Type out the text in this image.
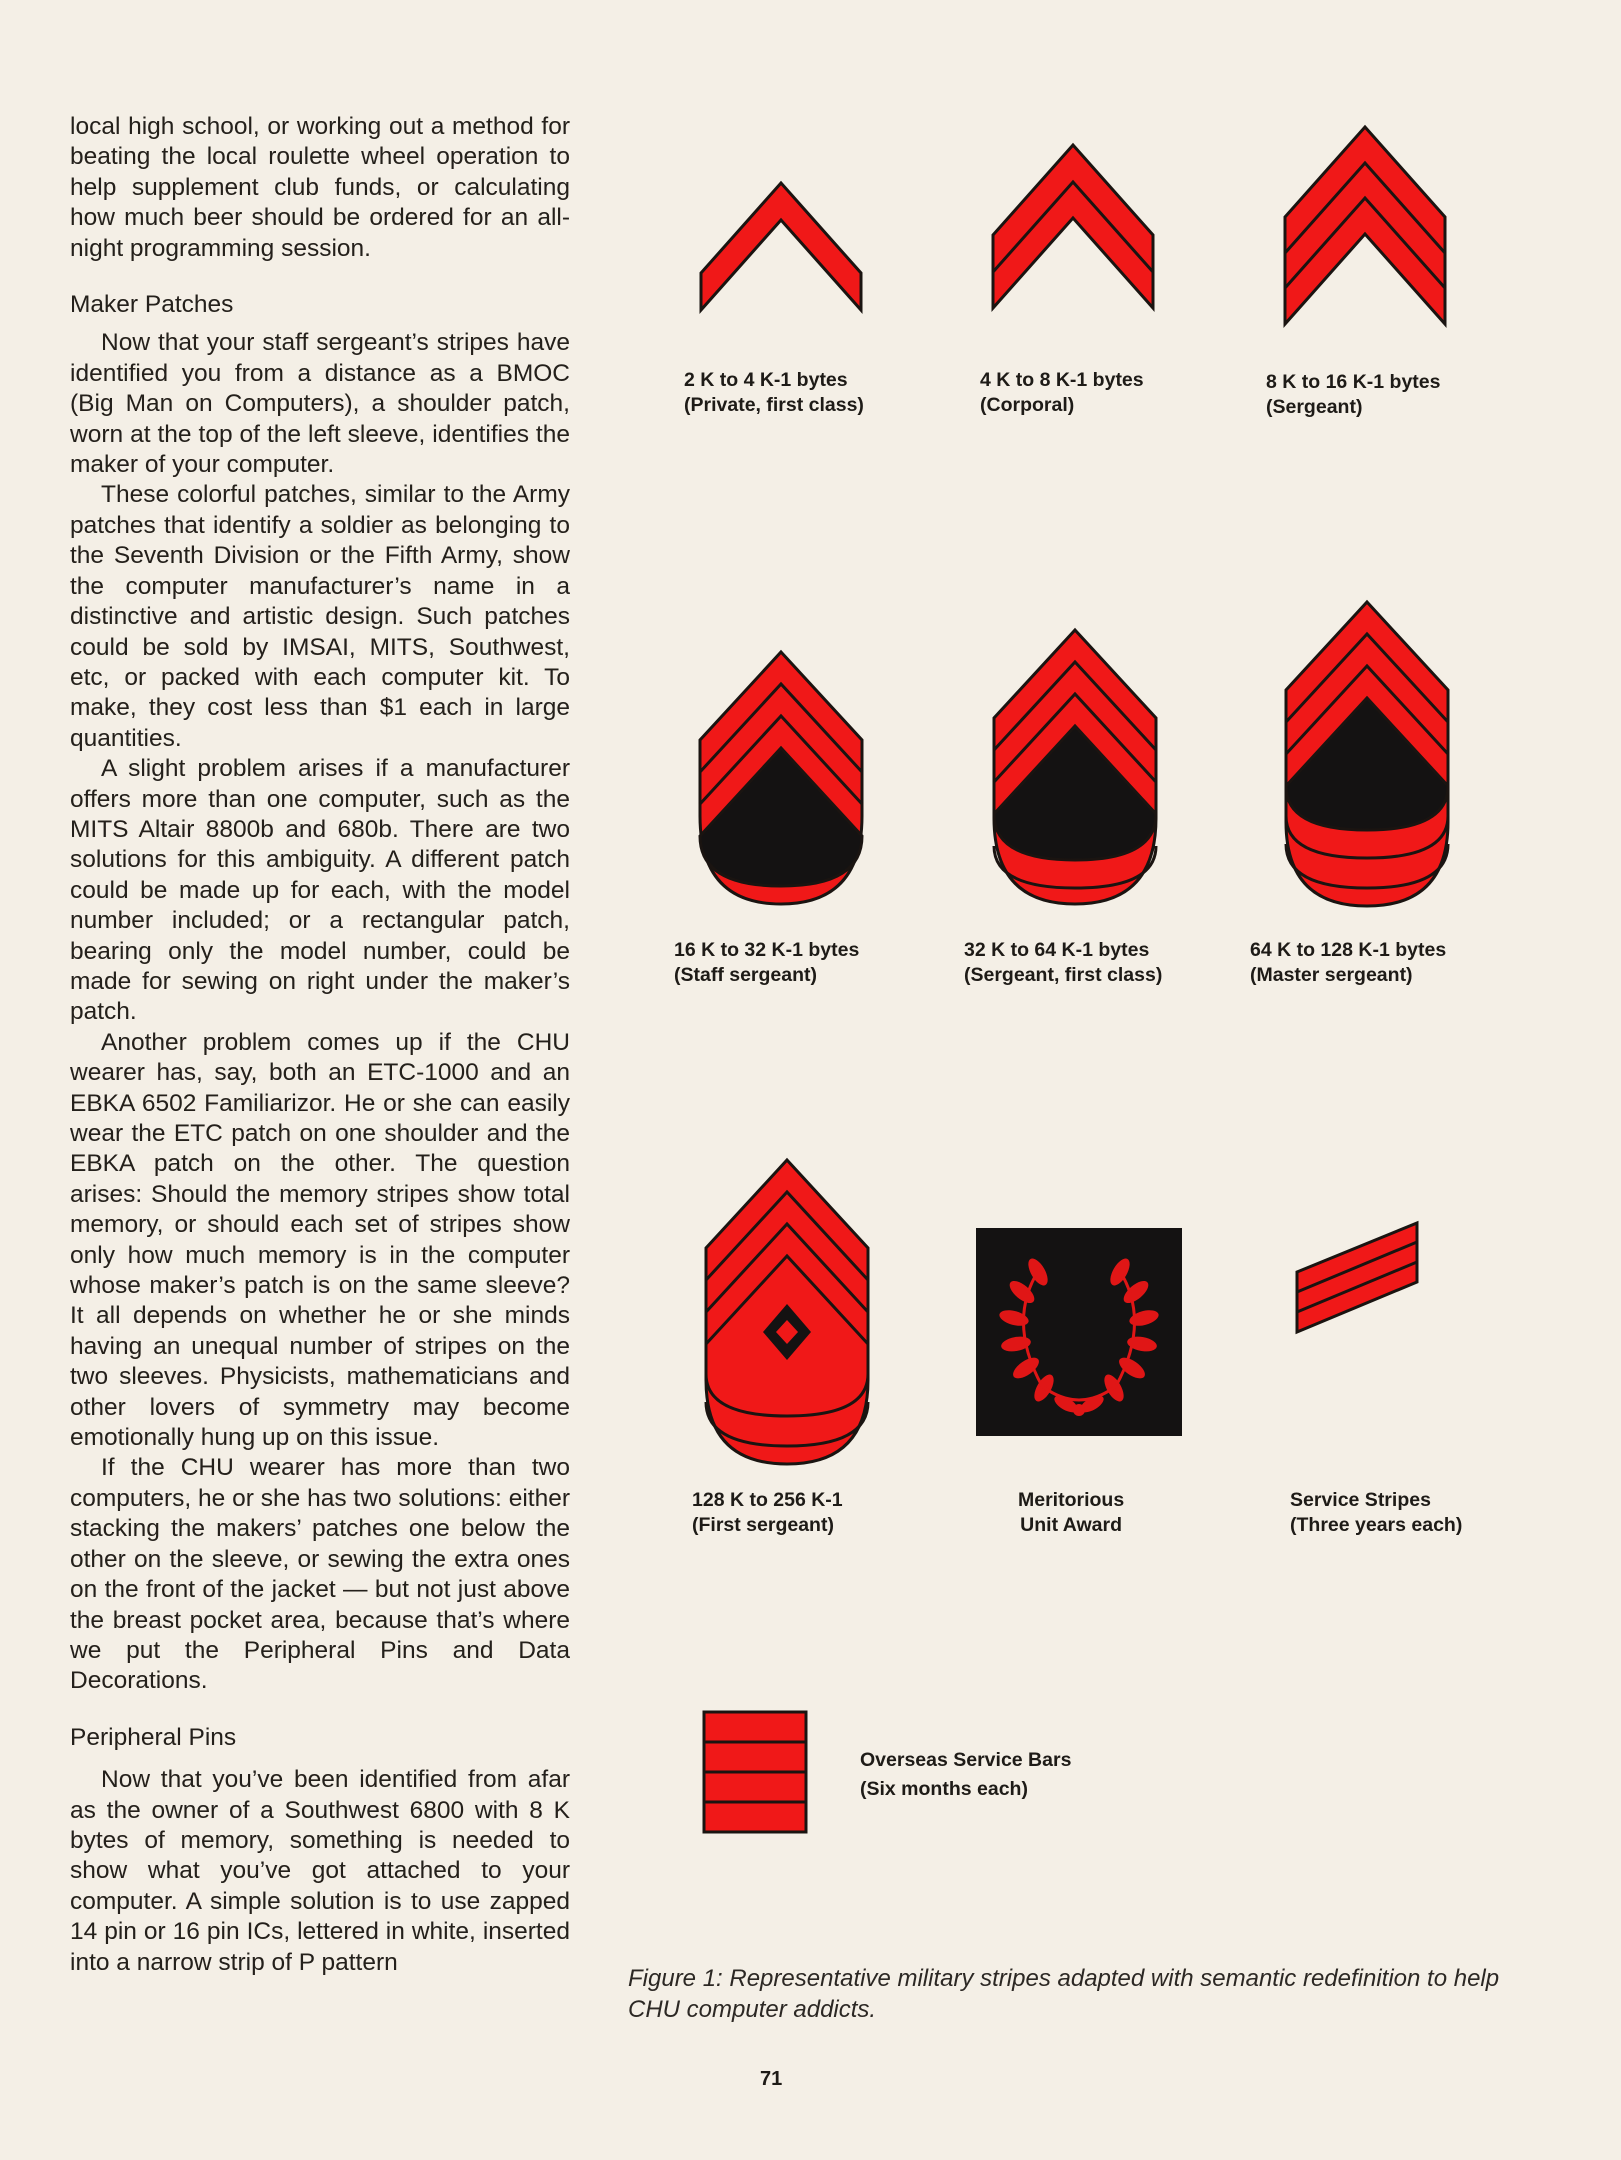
local high school, or working out a method for beating the local roulette wheel operation to help supplement club funds, or calculating how much beer should be ordered for an all-night programming session.

Maker Patches

Now that your staff sergeant’s stripes have identified you from a distance as a BMOC (Big Man on Computers), a shoulder patch, worn at the top of the left sleeve, identifies the maker of your computer.

These colorful patches, similar to the Army patches that identify a soldier as belonging to the Seventh Division or the Fifth Army, show the computer manufacturer’s name in a distinctive and artistic design. Such patches could be sold by IMSAI, MITS, Southwest, etc, or packed with each computer kit. To make, they cost less than $1 each in large quantities.

A slight problem arises if a manufacturer offers more than one computer, such as the MITS Altair 8800b and 680b. There are two solutions for this ambiguity. A different patch could be made up for each, with the model number included; or a rectangular patch, bearing only the model number, could be made for sewing on right under the maker’s patch.

Another problem comes up if the CHU wearer has, say, both an ETC-1000 and an EBKA 6502 Familiarizor. He or she can easily wear the ETC patch on one shoulder and the EBKA patch on the other. The question arises: Should the memory stripes show total memory, or should each set of stripes show only how much memory is in the computer whose maker’s patch is on the same sleeve? It all depends on whether he or she minds having an unequal number of stripes on the two sleeves. Physicists, mathematicians and other lovers of symmetry may become emotionally hung up on this issue.

If the CHU wearer has more than two computers, he or she has two solutions: either stacking the makers’ patches one below the other on the sleeve, or sewing the extra ones on the front of the jacket — but not just above the breast pocket area, because that’s where we put the Peripheral Pins and Data Decorations.

Peripheral Pins

Now that you’ve been identified from afar as the owner of a Southwest 6800 with 8 K bytes of memory, something is needed to show what you’ve got attached to your computer. A simple solution is to use zapped 14 pin or 16 pin ICs, lettered in white, inserted into a narrow strip of P pattern

2 K to 4 K-1 bytes
(Private, first class)
4 K to 8 K-1 bytes
(Corporal)
8 K to 16 K-1 bytes
(Sergeant)
16 K to 32 K-1 bytes
(Staff sergeant)
32 K to 64 K-1 bytes
(Sergeant, first class)
64 K to 128 K-1 bytes
(Master sergeant)
128 K to 256 K-1
(First sergeant)
Meritorious
Unit Award
Service Stripes
(Three years each)
Overseas Service Bars
(Six months each)
Figure 1: Representative military stripes adapted with semantic redefinition to help CHU computer addicts.
71
